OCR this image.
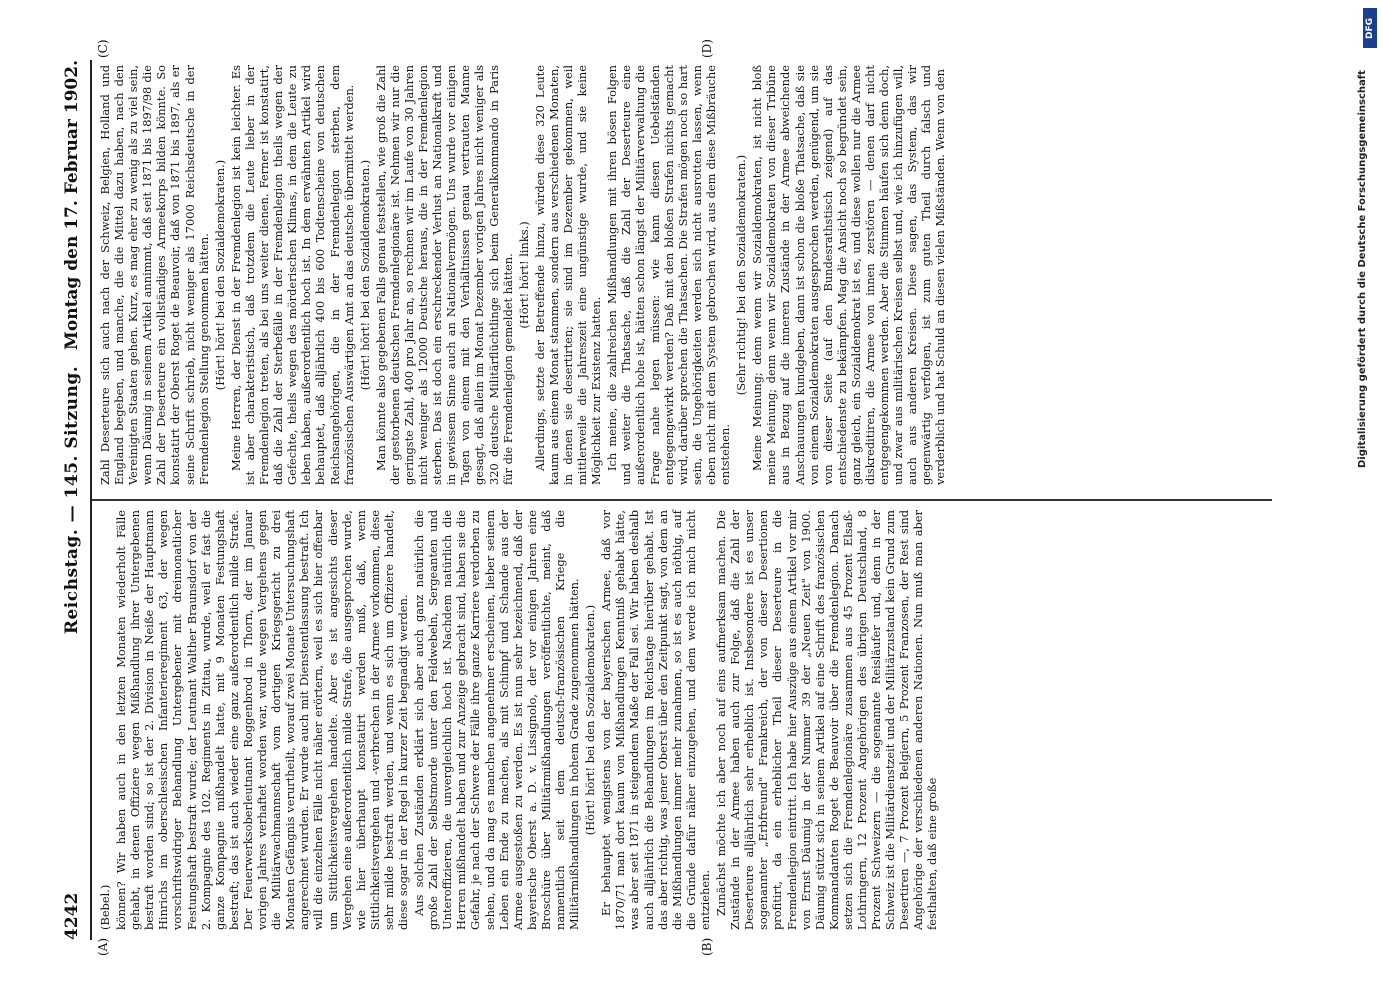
4242
Reichstag. — 145. Sitzung.
Montag den 17. Februar 1902.
(A)	(B)
(C)	(D)

(Bebel.) können? Wir haben auch in den letzten Monaten wiederholt Fälle gehabt, in denen Offiziere wegen Mißhandlung ihrer Untergebenen bestraft worden sind; so ist der 2. Division in Neiße der Hauptmann Hinrichs im oberschlesischen Infanterieregiment 63, der wegen vorschriftswidriger Behandlung Untergebener mit dreimonatlicher Festungshaft bestraft wurde; der Leutnant Walther Braunsdorf von der 2. Kompagnie des 102. Regiments in Zittau, wurde, weil er fast die ganze Kompagnie mißhandelt hatte, mit 9 Monaten Festungshaft bestraft; das ist auch wieder eine ganz außerordentlich milde Strafe. Der Feuerwerksoberleutnant Roggenbrod in Thorn, der im Januar vorigen Jahres verhaftet worden war, wurde wegen Vergehens gegen die Militärwachmannschaft vom dortigen Kriegsgericht zu drei Monaten Gefängnis verurtheilt, worauf zwei Monate Untersuchungshaft angerechnet wurden. Er wurde auch mit Dienstentlassung bestraft. Ich will die einzelnen Fälle nicht näher erörtern, weil es sich hier offenbar um Sittlichkeitsvergehen handelte. Aber es ist angesichts dieser Vergehen eine außerordentlich milde Strafe, die ausgesprochen wurde, wie hier überhaupt konstatirt werden muß, daß, wenn Sittlichkeitsvergehen und -verbrechen in der Armee vorkommen, diese sehr milde bestraft werden, und wenn es sich um Offiziere handelt, diese sogar in der Regel in kurzer Zeit begnadigt werden. Aus solchen Zuständen erklärt sich aber auch ganz natürlich die große Zahl der Selbstmorde unter den Feldwebeln, Sergeanten und Unteroffizieren, die unvergleichlich hoch ist. Nachdem natürlich die Herren mißhandelt haben und zur Anzeige gebracht sind, haben sie die Gefahr, je nach der Schwere der Fälle ihre ganze Karriere verdorben zu sehen, und da mag es manchen angenehmer erscheinen, lieber seinem Leben ein Ende zu machen, als mit Schimpf und Schande aus der Armee ausgestoßen zu werden. Es ist nun sehr bezeichnend, daß der bayerische Oberst a. D. v. Lissignolo, der vor einigen Jahren eine Broschüre über Militärmißhandlungen veröffentlichte, meint, daß namentlich seit dem deutsch-französischen Kriege die Militärmißhandlungen in hohem Grade zugenommen hätten. (Hört! hört! bei den Sozialdemokraten.) Er behauptet wenigstens von der bayerischen Armee, daß vor 1870/71 man dort kaum von Mißhandlungen Kenntniß gehabt hätte, was aber seit 1871 in steigendem Maße der Fall sei. Wir haben deshalb auch alljährlich die Behandlungen im Reichstage hierüber gehabt. Ist das aber richtig, was jener Oberst über den Zeitpunkt sagt, von dem an die Mißhandlungen immer mehr zunahmen, so ist es auch nöthig, auf die Gründe dafür näher einzugehen, und dem werde ich mich nicht entziehen. Zunächst möchte ich aber noch auf eins aufmerksam machen. Die Zustände in der Armee haben auch zur Folge, daß die Zahl der Deserteure alljährlich sehr erheblich ist. Insbesondere ist es unser sogenannter „Erbfreund" Frankreich, der von dieser Desertionen profitirt, da ein erheblicher Theil dieser Deserteure in die Fremdenlegion eintritt. Ich habe hier Auszüge aus einem Artikel vor mir von Ernst Däumig in der Nummer 39 der „Neuen Zeit" von 1900. Däumig stützt sich in seinem Artikel auf eine Schrift des französischen Kommandanten Roget de Beauvoir über die Fremdenlegion. Danach setzen sich die Fremdenlegionäre zusammen aus 45 Prozent Elsaß-Lothringern, 12 Prozent Angehörigen des übrigen Deutschland, 8 Prozent Schweizern — die sogenannte Reisläufer und, denn in der Schweiz ist die Militärdienstzeit und der Militärzustand kein Grund zum Desertiren —, 7 Prozent Belgiern, 5 Prozent Franzosen, der Rest sind Angehörige der verschiedenen anderen Nationen. Nun muß man aber festhalten, daß eine große

Zahl Deserteure sich auch nach der Schweiz, Belgien, Holland und England begeben, und manche, die die Mittel dazu haben, nach den Vereinigten Staaten gehen. Kurz, es mag eher zu wenig als zu viel sein, wenn Däumig in seinem Artikel annimmt, daß seit 1871 bis 1897/98 die Zahl der Deserteure ein vollständiges Armeekorps bilden könnte. So konstatirt der Oberst Roget de Beauvoir, daß von 1871 bis 1897, als er seine Schrift schrieb, nicht weniger als 17000 Reichsdeutsche in der Fremdenlegion Stellung genommen hätten. (Hört! hört! bei den Sozialdemokraten.) Meine Herren, der Dienst in der Fremdenlegion ist kein leichter. Es ist aber charakteristisch, daß trotzdem die Leute lieber in der Fremdenlegion treten, als bei uns weiter dienen. Ferner ist konstatirt, daß die Zahl der Sterbefälle in der Fremdenlegion theils wegen der Gefechte, theils wegen des mörderischen Klimas, in dem die Leute zu leben haben, außerordentlich hoch ist. In dem erwähnten Artikel wird behauptet, daß alljährlich 400 bis 600 Todtenscheine von deutschen Reichsangehörigen, die in der Fremdenlegion sterben, dem französischen Auswärtigen Amt an das deutsche übermittelt werden. (Hört! hört! bei den Sozialdemokraten.) Man könnte also gegebenen Falls genau feststellen, wie groß die Zahl der gestorbenen deutschen Fremdenlegionäre ist. Nehmen wir nur die geringste Zahl, 400 pro Jahr an, so rechnen wir im Laufe von 30 Jahren nicht weniger als 12000 Deutsche heraus, die in der Fremdenlegion sterben. Das ist doch ein erschreckender Verlust an Nationalkraft und in gewissem Sinne auch an Nationalvermögen. Uns wurde vor einigen Tagen von einem mit den Verhältnissen genau vertrauten Manne gesagt, daß allein im Monat Dezember vorigen Jahres nicht weniger als 320 deutsche Militärflüchtlinge sich beim Generalkommando in Paris für die Fremdenlegion gemeldet hätten. (Hört! hört! links.) Allerdings, setzte der Betreffende hinzu, würden diese 320 Leute kaum aus einem Monat stammen, sondern aus verschiedenen Monaten, in denen sie desertirten; sie sind im Dezember gekommen, weil mittlerweile die Jahreszeit eine ungünstige wurde, und sie keine Möglichkeit zur Existenz hatten. Ich meine, die zahlreichen Mißhandlungen mit ihren bösen Folgen und weiter die Thatsache, daß die Zahl der Deserteure eine außerordentlich hohe ist, hätten schon längst der Militärverwaltung die Frage nahe legen müssen: wie kann diesen Uebelständen entgegengewirkt werden? Daß mit den bloßen Strafen nichts gemacht wird, darüber sprechen die Thatsachen. Die Strafen mögen noch so hart sein, die Ungehörigkeiten werden sich nicht ausrotten lassen, wenn eben nicht mit dem System gebrochen wird, aus dem diese Mißbräuche entstehen.

(Sehr richtig! bei den Sozialdemokraten.) Meine Meinung; denn wenn wir Sozialdemokraten, ist nicht bloß meine Meinung; denn wenn wir Sozialdemokraten von dieser Tribüne aus in Bezug auf die inneren Zustände in der Armee abweichende Anschauungen kundgeben, dann ist schon die bloße Thatsache, daß sie von einem Sozialdemokraten ausgesprochen werden, genügend, um sie von dieser Seite (auf den Bundesrathstisch zeigend) auf das entschiedenste zu bekämpfen. Mag die Ansicht noch so begründet sein, ganz gleich, ein Sozialdemokrat ist es, und diese wollen nur die Armee diskreditiren, die Armee von innen zerstören — denen darf nicht entgegengekommen werden. Aber die Stimmen häufen sich denn doch, und zwar aus militärischen Kreisen selbst und, wie ich hinzufügen will, auch aus anderen Kreisen. Diese sagen, das System, das wir gegenwärtig verfolgen, ist zum guten Theil durch falsch und verderblich und hat Schuld an diesen vielen Mißständen. Wenn von den

DFG
Digitalisierung gefördert durch die Deutsche Forschungsgemeinschaft
